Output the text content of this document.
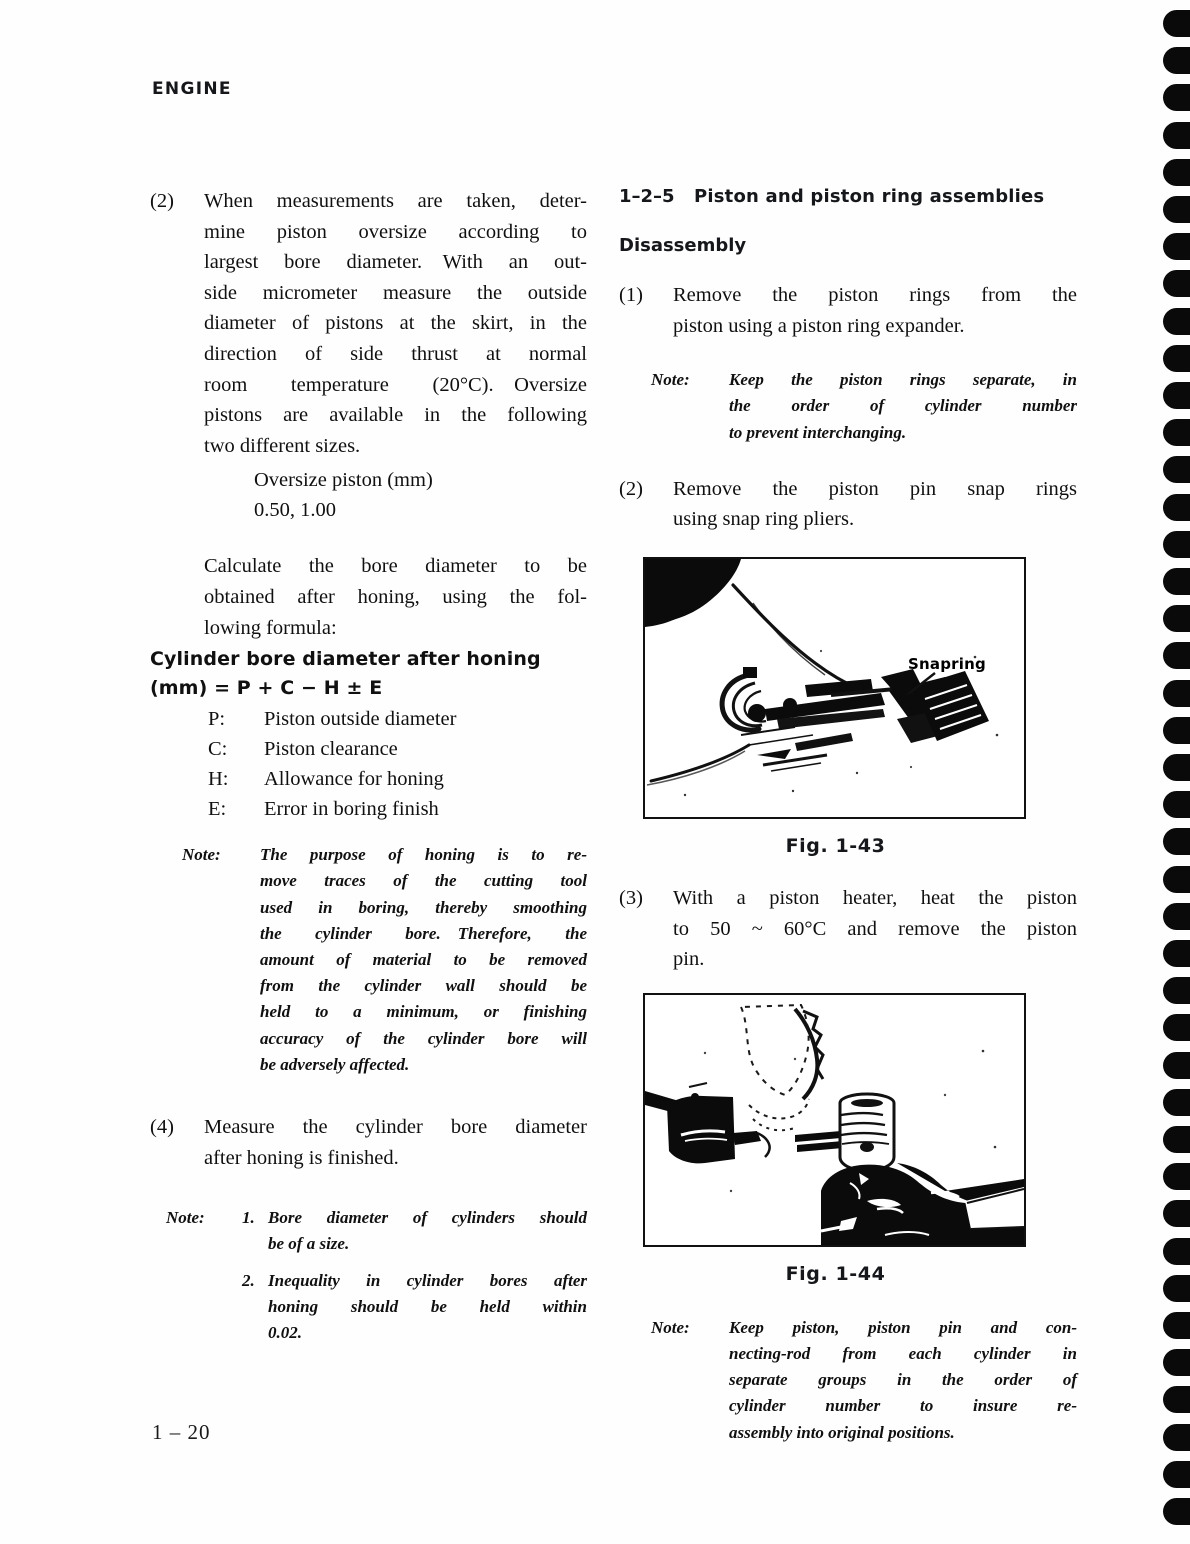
ENGINE
(2)	When measurements are taken, deter-
mine piston oversize according to
largest bore diameter. With an out-
side micrometer measure the outside
diameter of pistons at the skirt, in the
direction of side thrust at normal
room temperature (20°C). Oversize
pistons are available in the following
two different sizes.
Oversize piston (mm)
0.50, 1.00
Calculate the bore diameter to be
obtained after honing, using the fol-
lowing formula:
Cylinder bore diameter after honing
(mm) = P + C − H ± E
P:	Piston outside diameter
C:	Piston clearance
H:	Allowance for honing
E:	Error in boring finish
Note:	The purpose of honing is to re-
move traces of the cutting tool
used in boring, thereby smoothing
the cylinder bore. Therefore, the
amount of material to be removed
from the cylinder wall should be
held to a minimum, or finishing
accuracy of the cylinder bore will
be adversely affected.
(4)	Measure the cylinder bore diameter
after honing is finished.
Note:	1. Bore diameter of cylinders should
be of a size.
2. Inequality in cylinder bores after
honing should be held within
0.02.
1–2–5 Piston and piston ring assemblies
Disassembly
(1)	Remove the piston rings from the
piston using a piston ring expander.
Note:	Keep the piston rings separate, in
the order of cylinder number
to prevent interchanging.
(2)	Remove the piston pin snap rings
using snap ring pliers.
Snapring
Fig. 1-43
(3)	With a piston heater, heat the piston
to 50 ~ 60°C and remove the piston
pin.
Fig. 1-44
Note:	Keep piston, piston pin and con-
necting-rod from each cylinder in
separate groups in the order of
cylinder number to insure re-
assembly into original positions.
1 – 20
